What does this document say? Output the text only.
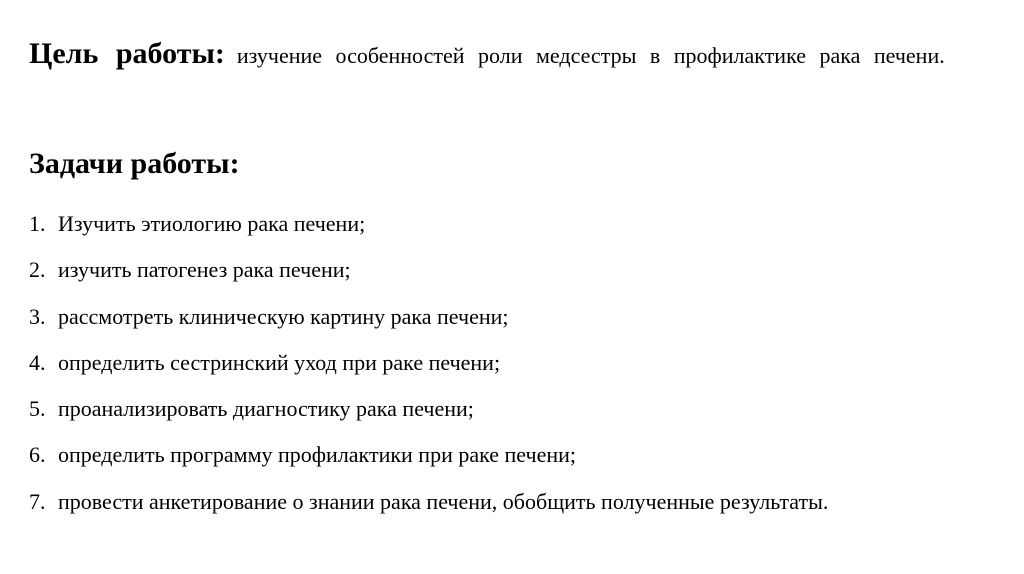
Цель работы: изучение особенностей роли медсестры в профилактике рака печени.

Задачи работы:
1. Изучить этиологию рака печени;
2. изучить патогенез рака печени;
3. рассмотреть клиническую картину рака печени;
4. определить сестринский уход при раке печени;
5. проанализировать диагностику рака печени;
6. определить программу профилактики при раке печени;
7. провести анкетирование о знании рака печени, обобщить полученные результаты.
